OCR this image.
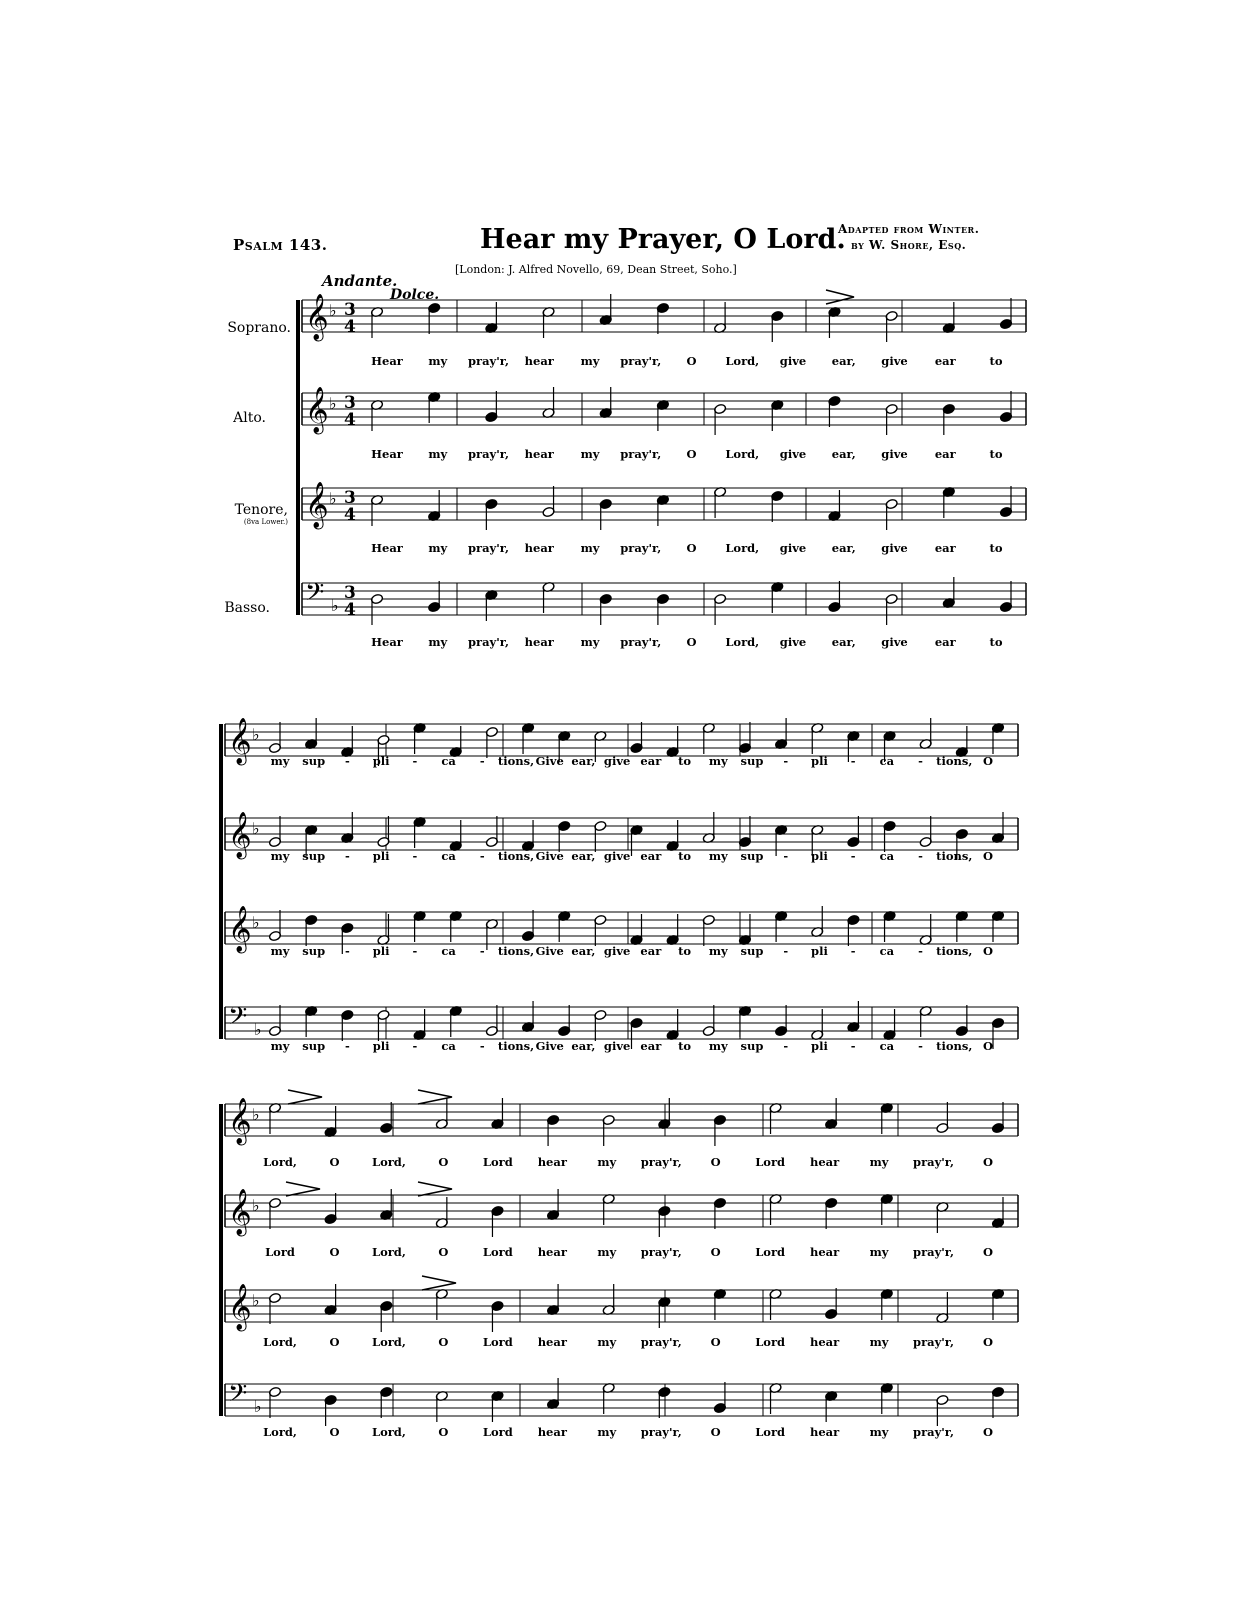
Psalm 143.	Hear my Prayer, O Lord.
Adapted from Winter.
by W. Shore, Esq.
[London: J. Alfred Novello, 69, Dean Street, Soho.]
Andante.
Dolce.
Soprano.
Alto.
Tenore,
(8va Lower.)
Basso.
𝄞 ♭ 3
4
𝄞 ♭ 3
4
𝄞 ♭ 3
4
𝄢 ♭
3
4
𝄞 ♭
𝄞 ♭
𝄞 ♭
𝄢 ♭
𝄞 ♭
𝄞 ♭
𝄞 ♭
𝄢 ♭
Hear my pray'r, hear my pray'r, O	Lord, give ear, give ear	to
Hear my pray'r, hear my pray'r, O	Lord, give ear, give ear	to
Hear my pray'r, hear my pray'r, O	Lord, give ear, give ear	to
Hear my pray'r, hear my pray'r, O	Lord, give ear, give ear	to
my sup - pli - ca - tions, Give ear, give ear to my sup - pli - ca - tions, O
my sup - pli - ca - tions, Give ear, give ear to my sup - pli - ca - tions, O
my sup - pli - ca - tions, Give ear, give ear to my sup - pli - ca - tions, O
my sup - pli - ca - tions, Give ear, give ear to my sup - pli - ca - tions, O
Lord,	O	Lord,	O	Lord hear	my pray'r,	O	Lord hear	my pray'r,	O
Lord	O	Lord,	O	Lord hear	my pray'r,	O	Lord hear	my pray'r,	O
Lord,	O	Lord,	O	Lord hear	my pray'r,	O	Lord hear	my pray'r,	O
Lord,	O	Lord,	O	Lord hear	my pray'r,	O	Lord hear	my pray'r,	O
